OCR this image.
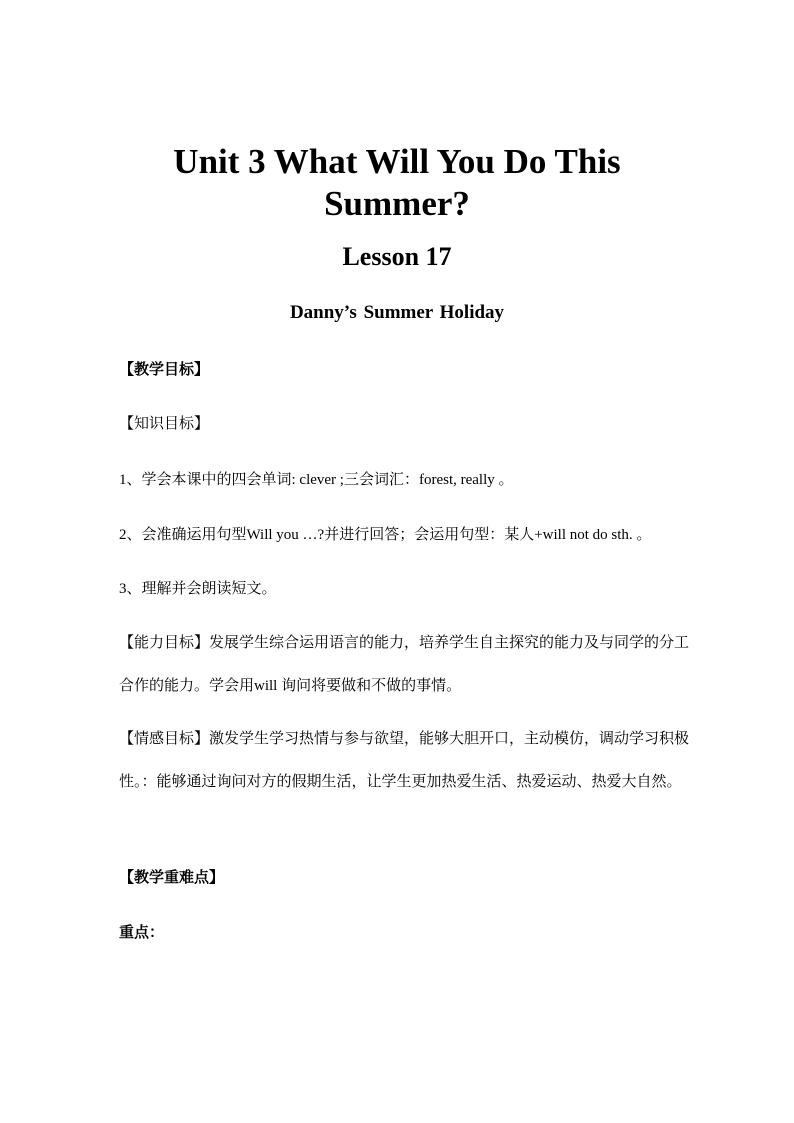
Unit 3 What Will You Do This Summer?
Lesson 17
Danny’s Summer Holiday

【教学目标】

【知识目标】

1、学会本课中的四会单词: clever ;三会词汇：forest, really 。

2、会准确运用句型Will you …?并进行回答；会运用句型：某人+will not do sth. 。

3、理解并会朗读短文。

【能力目标】发展学生综合运用语言的能力，培养学生自主探究的能力及与同学的分工合作的能力。学会用will 询问将要做和不做的事情。

【情感目标】激发学生学习热情与参与欲望，能够大胆开口，主动模仿，调动学习积极性。：能够通过询问对方的假期生活，让学生更加热爱生活、热爱运动、热爱大自然。

【教学重难点】

重点：
